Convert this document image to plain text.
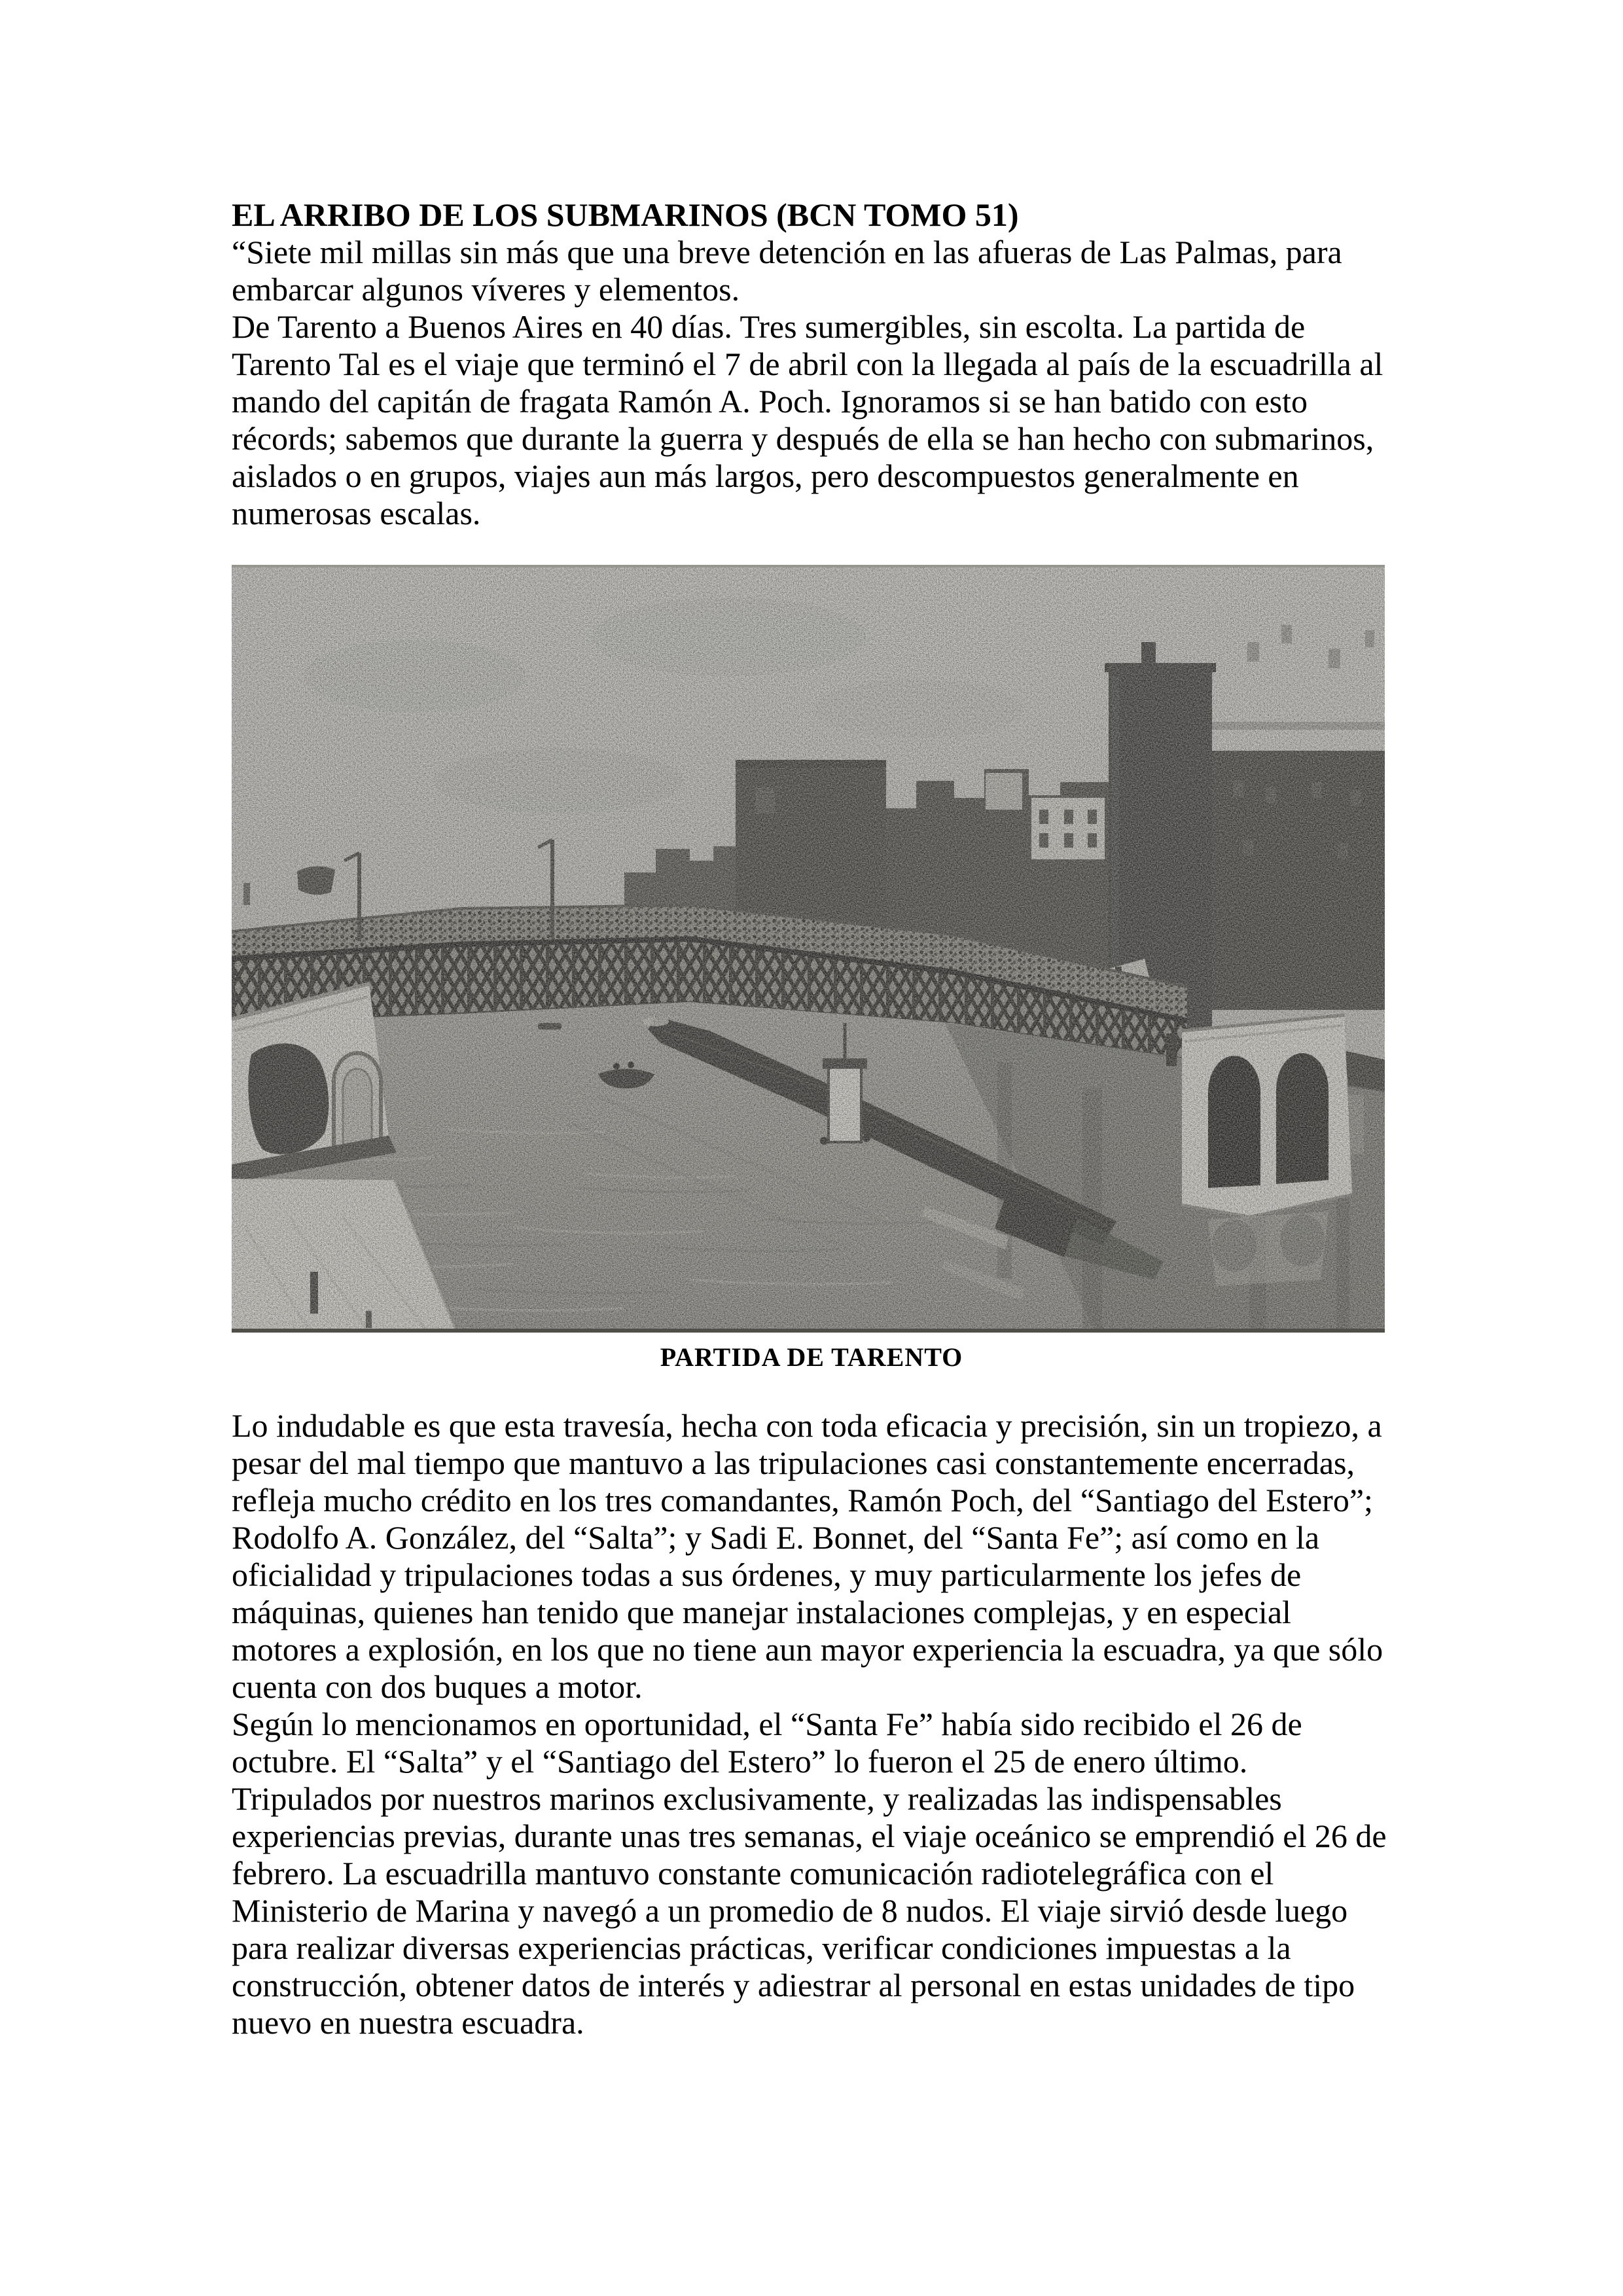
EL ARRIBO DE LOS SUBMARINOS (BCN TOMO 51)

“Siete mil millas sin más que una breve detención en las afueras de Las Palmas, para embarcar algunos víveres y elementos.

De Tarento a Buenos Aires en 40 días. Tres sumergibles, sin escolta. La partida de Tarento Tal es el viaje que terminó el 7 de abril con la llegada al país de la escuadrilla al mando del capitán de fragata Ramón A. Poch. Ignoramos si se han batido con esto récords; sabemos que durante la guerra y después de ella se han hecho con submarinos, aislados o en grupos, viajes aun más largos, pero descompuestos generalmente en numerosas escalas.

PARTIDA DE TARENTO

Lo indudable es que esta travesía, hecha con toda eficacia y precisión, sin un tropiezo, a pesar del mal tiempo que mantuvo a las tripulaciones casi constantemente encerradas, refleja mucho crédito en los tres comandantes, Ramón Poch, del “Santiago del Estero”; Rodolfo A. González, del “Salta”; y Sadi E. Bonnet, del “Santa Fe”; así como en la oficialidad y tripulaciones todas a sus órdenes, y muy particularmente los jefes de máquinas, quienes han tenido que manejar instalaciones complejas, y en especial motores a explosión, en los que no tiene aun mayor experiencia la escuadra, ya que sólo cuenta con dos buques a motor.

Según lo mencionamos en oportunidad, el “Santa Fe” había sido recibido el 26 de octubre. El “Salta” y el “Santiago del Estero” lo fueron el 25 de enero último.

Tripulados por nuestros marinos exclusivamente, y realizadas las indispensables experiencias previas, durante unas tres semanas, el viaje oceánico se emprendió el 26 de febrero. La escuadrilla mantuvo constante comunicación radiotelegráfica con el Ministerio de Marina y navegó a un promedio de 8 nudos. El viaje sirvió desde luego para realizar diversas experiencias prácticas, verificar condiciones impuestas a la construcción, obtener datos de interés y adiestrar al personal en estas unidades de tipo nuevo en nuestra escuadra.
